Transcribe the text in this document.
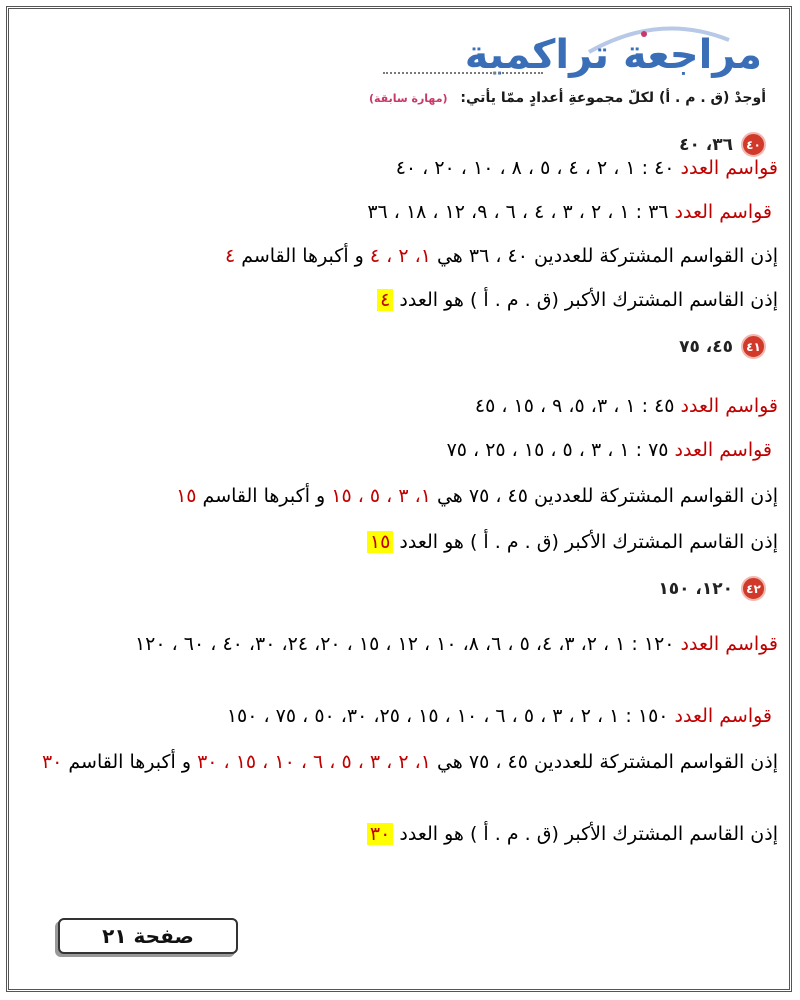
مراجعة تراكمية
أوجدْ (ق . م . أ) لكلّ مجموعةِ أعدادٍ ممّا يأتي: (مهارة سابقة)
٤٠
٣٦، ٤٠
قواسم العدد ٤٠ : ١ ، ٢ ، ٤ ، ٥ ، ٨ ، ١٠ ، ٢٠ ، ٤٠
قواسم العدد ٣٦ : ١ ، ٢ ، ٣ ، ٤ ، ٦ ، ٩، ١٢ ، ١٨ ، ٣٦
إذن القواسم المشتركة للعددين ٤٠ ، ٣٦ هي ١، ٢ ، ٤ و أكبرها القاسم ٤
إذن القاسم المشترك الأكبر (ق . م . أ ) هو العدد ٤
٤١
٤٥، ٧٥
قواسم العدد ٤٥ : ١ ، ٣، ٥، ٩ ، ١٥ ، ٤٥
قواسم العدد ٧٥ : ١ ، ٣ ، ٥ ، ١٥ ، ٢٥ ، ٧٥
إذن القواسم المشتركة للعددين ٤٥ ، ٧٥ هي ١، ٣ ، ٥ ، ١٥ و أكبرها القاسم ١٥
إذن القاسم المشترك الأكبر (ق . م . أ ) هو العدد ١٥
٤٢
١٢٠، ١٥٠
قواسم العدد ١٢٠ : ١ ، ٢، ٣، ٤، ٥ ، ٦، ٨، ١٠ ، ١٢ ، ١٥ ، ٢٠، ٢٤، ٣٠، ٤٠ ، ٦٠ ، ١٢٠
قواسم العدد ١٥٠ : ١ ، ٢ ، ٣ ، ٥ ، ٦ ، ١٠ ، ١٥ ، ٢٥، ٣٠، ٥٠ ، ٧٥ ، ١٥٠
إذن القواسم المشتركة للعددين ٤٥ ، ٧٥ هي ١، ٢ ، ٣ ، ٥ ، ٦ ، ١٠ ، ١٥ ، ٣٠ و أكبرها القاسم ٣٠
إذن القاسم المشترك الأكبر (ق . م . أ ) هو العدد ٣٠
صفحة ٢١
